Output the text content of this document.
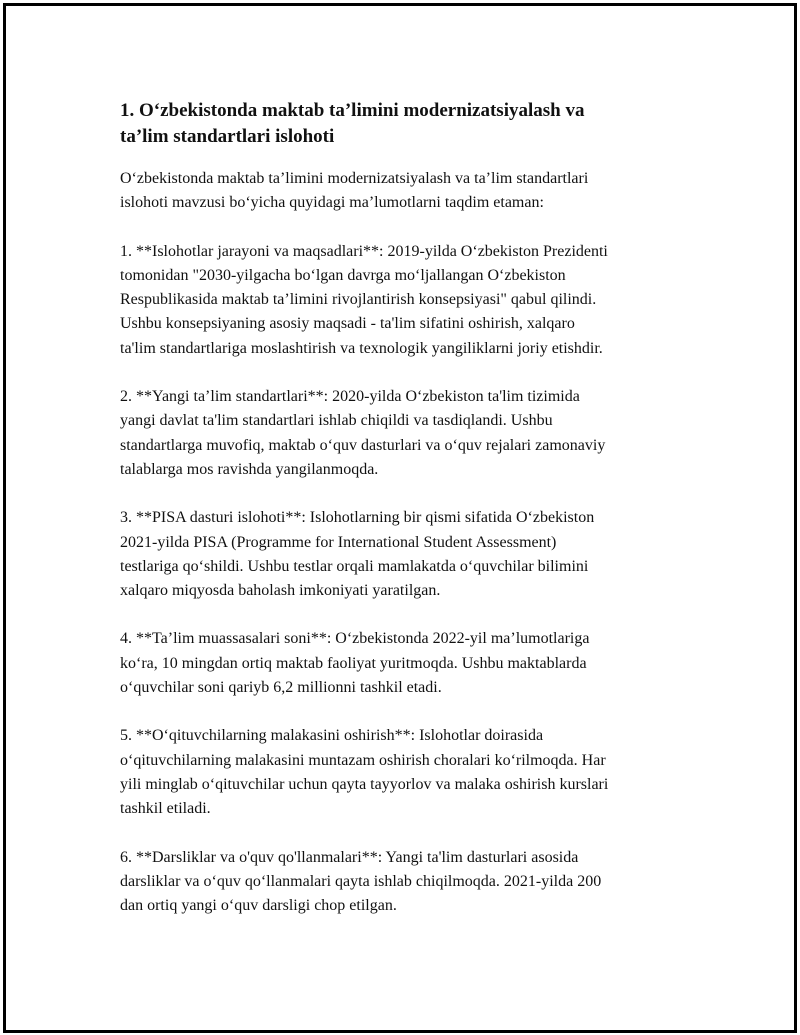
1. O‘zbekistonda maktab ta’limini modernizatsiyalash va
ta’lim standartlari islohoti

O‘zbekistonda maktab ta’limini modernizatsiyalash va ta’lim standartlari
islohoti mavzusi bo‘yicha quyidagi ma’lumotlarni taqdim etaman:

1. **Islohotlar jarayoni va maqsadlari**: 2019-yilda O‘zbekiston Prezidenti
tomonidan "2030-yilgacha bo‘lgan davrga mo‘ljallangan O‘zbekiston
Respublikasida maktab ta’limini rivojlantirish konsepsiyasi" qabul qilindi.
Ushbu konsepsiyaning asosiy maqsadi - ta'lim sifatini oshirish, xalqaro
ta'lim standartlariga moslashtirish va texnologik yangiliklarni joriy etishdir.

2. **Yangi ta’lim standartlari**: 2020-yilda O‘zbekiston ta'lim tizimida
yangi davlat ta'lim standartlari ishlab chiqildi va tasdiqlandi. Ushbu
standartlarga muvofiq, maktab o‘quv dasturlari va o‘quv rejalari zamonaviy
talablarga mos ravishda yangilanmoqda.

3. **PISA dasturi islohoti**: Islohotlarning bir qismi sifatida O‘zbekiston
2021-yilda PISA (Programme for International Student Assessment)
testlariga qo‘shildi. Ushbu testlar orqali mamlakatda o‘quvchilar bilimini
xalqaro miqyosda baholash imkoniyati yaratilgan.

4. **Ta’lim muassasalari soni**: O‘zbekistonda 2022-yil ma’lumotlariga
ko‘ra, 10 mingdan ortiq maktab faoliyat yuritmoqda. Ushbu maktablarda
o‘quvchilar soni qariyb 6,2 millionni tashkil etadi.

5. **O‘qituvchilarning malakasini oshirish**: Islohotlar doirasida
o‘qituvchilarning malakasini muntazam oshirish choralari ko‘rilmoqda. Har
yili minglab o‘qituvchilar uchun qayta tayyorlov va malaka oshirish kurslari
tashkil etiladi.

6. **Darsliklar va o'quv qo'llanmalari**: Yangi ta'lim dasturlari asosida
darsliklar va o‘quv qo‘llanmalari qayta ishlab chiqilmoqda. 2021-yilda 200
dan ortiq yangi o‘quv darsligi chop etilgan.
